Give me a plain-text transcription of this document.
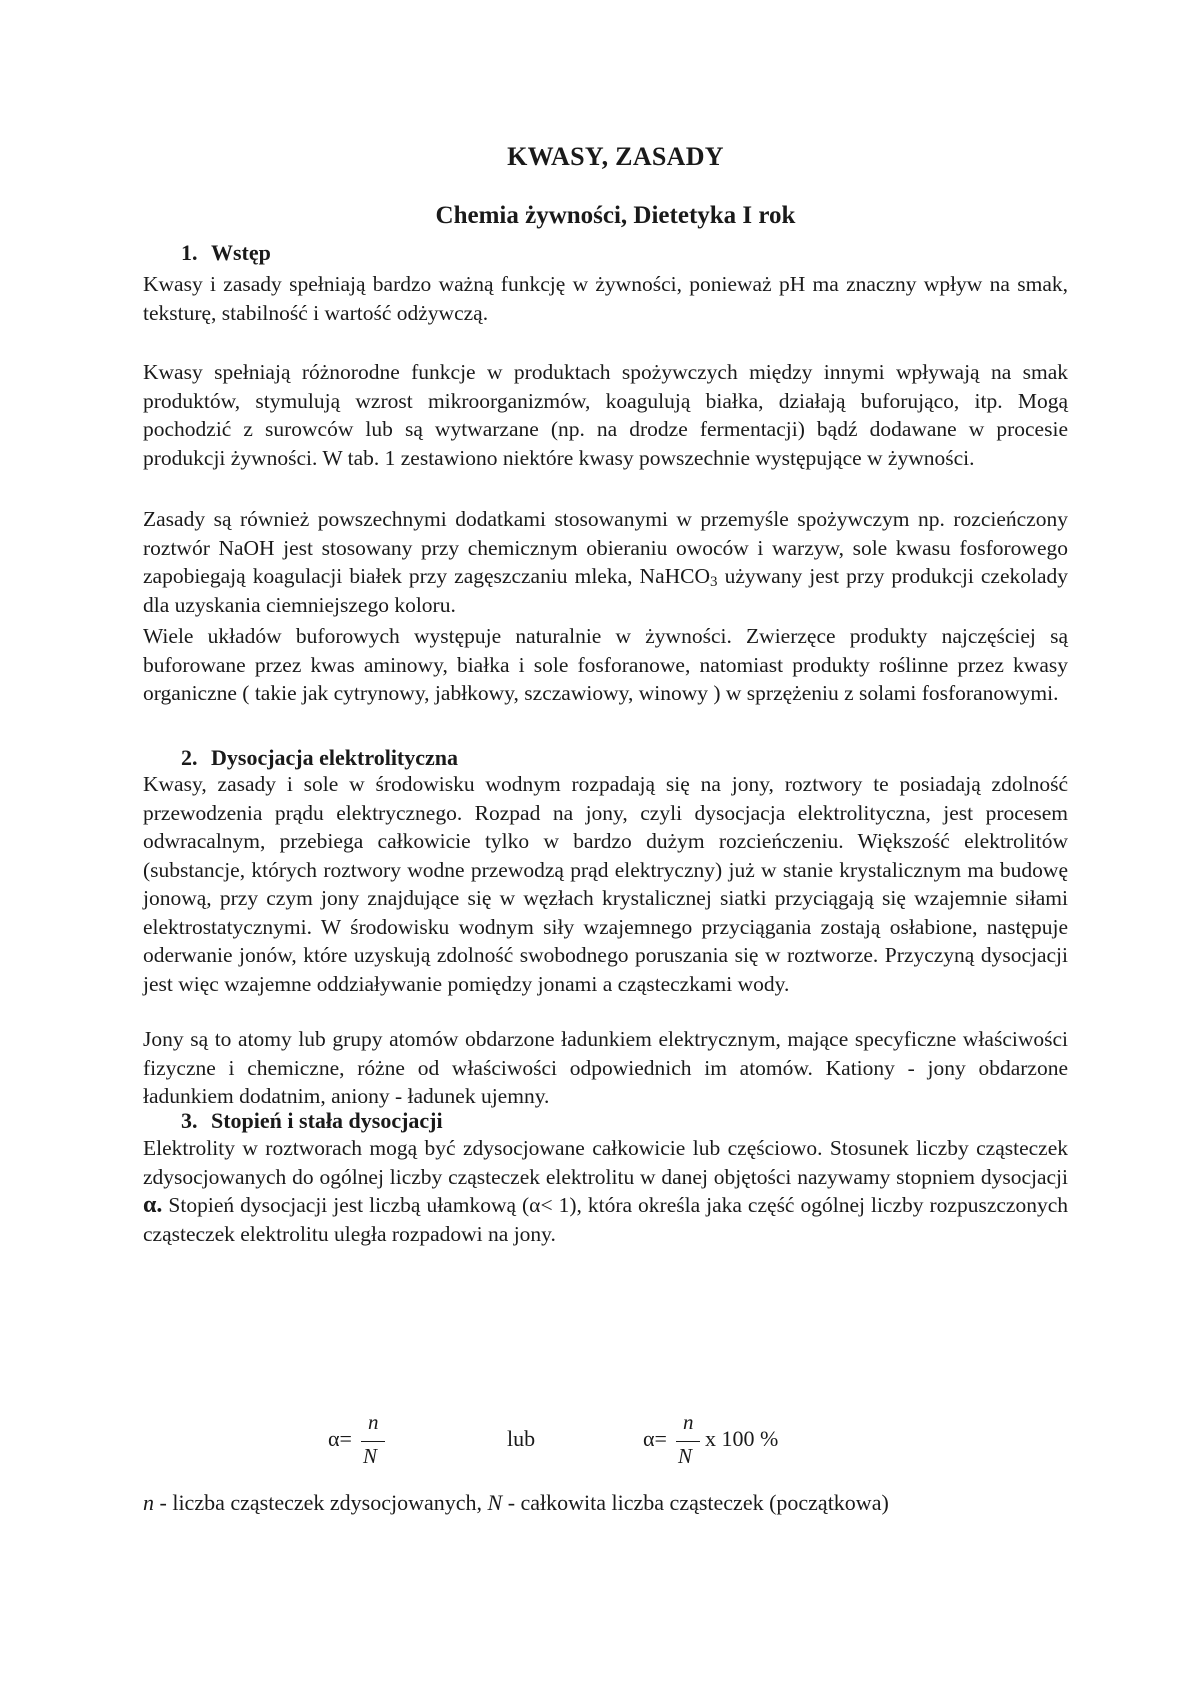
KWASY, ZASADY
Chemia żywności, Dietetyka I rok
1. Wstęp

Kwasy i zasady spełniają bardzo ważną funkcję w żywności, ponieważ pH ma znaczny wpływ na smak, teksturę, stabilność i wartość odżywczą.

Kwasy spełniają różnorodne funkcje w produktach spożywczych między innymi wpływają na smak produktów, stymulują wzrost mikroorganizmów, koagulują białka, działają buforująco, itp. Mogą pochodzić z surowców lub są wytwarzane (np. na drodze fermentacji) bądź dodawane w procesie produkcji żywności. W tab. 1 zestawiono niektóre kwasy powszechnie występujące w żywności.

Zasady są również powszechnymi dodatkami stosowanymi w przemyśle spożywczym np. rozcieńczony roztwór NaOH jest stosowany przy chemicznym obieraniu owoców i warzyw, sole kwasu fosforowego zapobiegają koagulacji białek przy zagęszczaniu mleka, NaHCO$_3$ używany jest przy produkcji czekolady dla uzyskania ciemniejszego koloru.

Wiele układów buforowych występuje naturalnie w żywności. Zwierzęce produkty najczęściej są buforowane przez kwas aminowy, białka i sole fosforanowe, natomiast produkty roślinne przez kwasy organiczne ( takie jak cytrynowy, jabłkowy, szczawiowy, winowy ) w sprzężeniu z solami fosforanowymi.

2. Dysocjacja elektrolityczna

Kwasy, zasady i sole w środowisku wodnym rozpadają się na jony, roztwory te posiadają zdolność przewodzenia prądu elektrycznego. Rozpad na jony, czyli dysocjacja elektrolityczna, jest procesem odwracalnym, przebiega całkowicie tylko w bardzo dużym rozcieńczeniu. Większość elektrolitów (substancje, których roztwory wodne przewodzą prąd elektryczny) już w stanie krystalicznym ma budowę jonową, przy czym jony znajdujące się w węzłach krystalicznej siatki przyciągają się wzajemnie siłami elektrostatycznymi. W środowisku wodnym siły wzajemnego przyciągania zostają osłabione, następuje oderwanie jonów, które uzyskują zdolność swobodnego poruszania się w roztworze. Przyczyną dysocjacji jest więc wzajemne oddziaływanie pomiędzy jonami a cząsteczkami wody.

Jony są to atomy lub grupy atomów obdarzone ładunkiem elektrycznym, mające specyficzne właściwości fizyczne i chemiczne, różne od właściwości odpowiednich im atomów. Kationy - jony obdarzone ładunkiem dodatnim, aniony - ładunek ujemny.

3. Stopień i stała dysocjacji

Elektrolity w roztworach mogą być zdysocjowane całkowicie lub częściowo. Stosunek liczby cząsteczek zdysocjowanych do ogólnej liczby cząsteczek elektrolitu w danej objętości nazywamy stopniem dysocjacji α. Stopień dysocjacji jest liczbą ułamkową (α< 1), która określa jaka część ogólnej liczby rozpuszczonych cząsteczek elektrolitu uległa rozpadowi na jony.

α=
n
N
lub	α=
n
N
x 100 %
n - liczba cząsteczek zdysocjowanych, N - całkowita liczba cząsteczek (początkowa)
